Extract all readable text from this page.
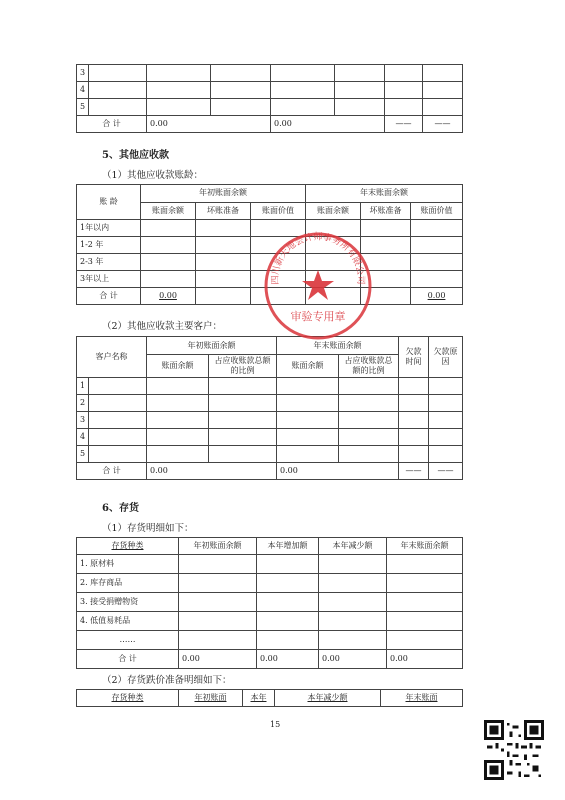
3							
4							
5							
合 计		0.00		0.00		——	——
5、其他应收款
（1）其他应收款账龄：
账 龄	年初账面余额			年末账面余额		
	账面余额	坏账准备	账面价值	账面余额	坏账准备	账面价值
1年以内						
1-2 年						
2-3 年						
3年以上						
合 计	0.00					0.00
（2）其他应收款主要客户：
客户名称		年初账面余额		年末账面余额		欠款时间	欠款原因
		账面余额	占应收账款总额的比例	账面余额	占应收账款总额的比例		
1							
2							
3							
4							
5							
合 计		0.00		0.00		——	——
6、存货
（1）存货明细如下：
存货种类	年初账面余额	本年增加额	本年减少额	年末账面余额
1. 原材料				
2. 库存商品				
3. 接受捐赠物资				
4. 低值易耗品				
……				
合 计	0.00	0.00	0.00	0.00
（2）存货跌价准备明细如下：
存货种类	年初账面	本年	本年减少额	年末账面
四川新天地会计师事务所有限公司
审验专用章
15
